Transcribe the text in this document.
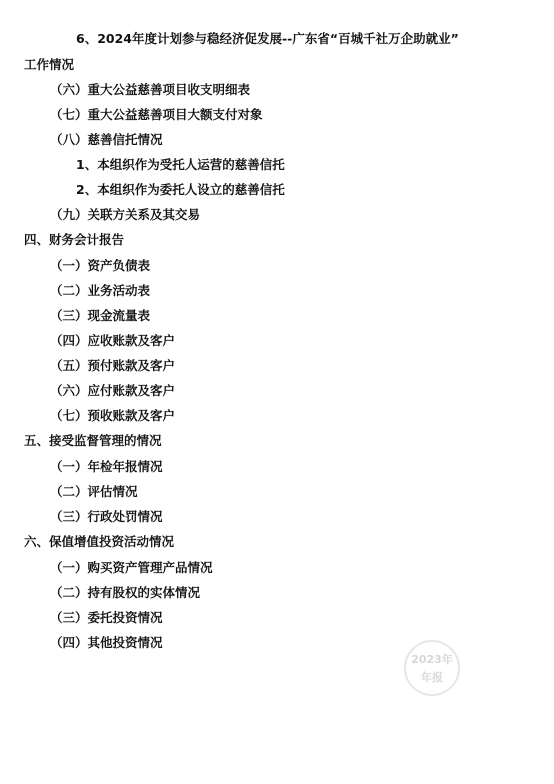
6、2024年度计划参与稳经济促发展--广东省“百城千社万企助就业”
工作情况
（六）重大公益慈善项目收支明细表
（七）重大公益慈善项目大额支付对象
（八）慈善信托情况
1、本组织作为受托人运营的慈善信托
2、本组织作为委托人设立的慈善信托
（九）关联方关系及其交易
四、财务会计报告
（一）资产负债表
（二）业务活动表
（三）现金流量表
（四）应收账款及客户
（五）预付账款及客户
（六）应付账款及客户
（七）预收账款及客户
五、接受监督管理的情况
（一）年检年报情况
（二）评估情况
（三）行政处罚情况
六、保值增值投资活动情况
（一）购买资产管理产品情况
（二）持有股权的实体情况
（三）委托投资情况
（四）其他投资情况
2023年
年报
